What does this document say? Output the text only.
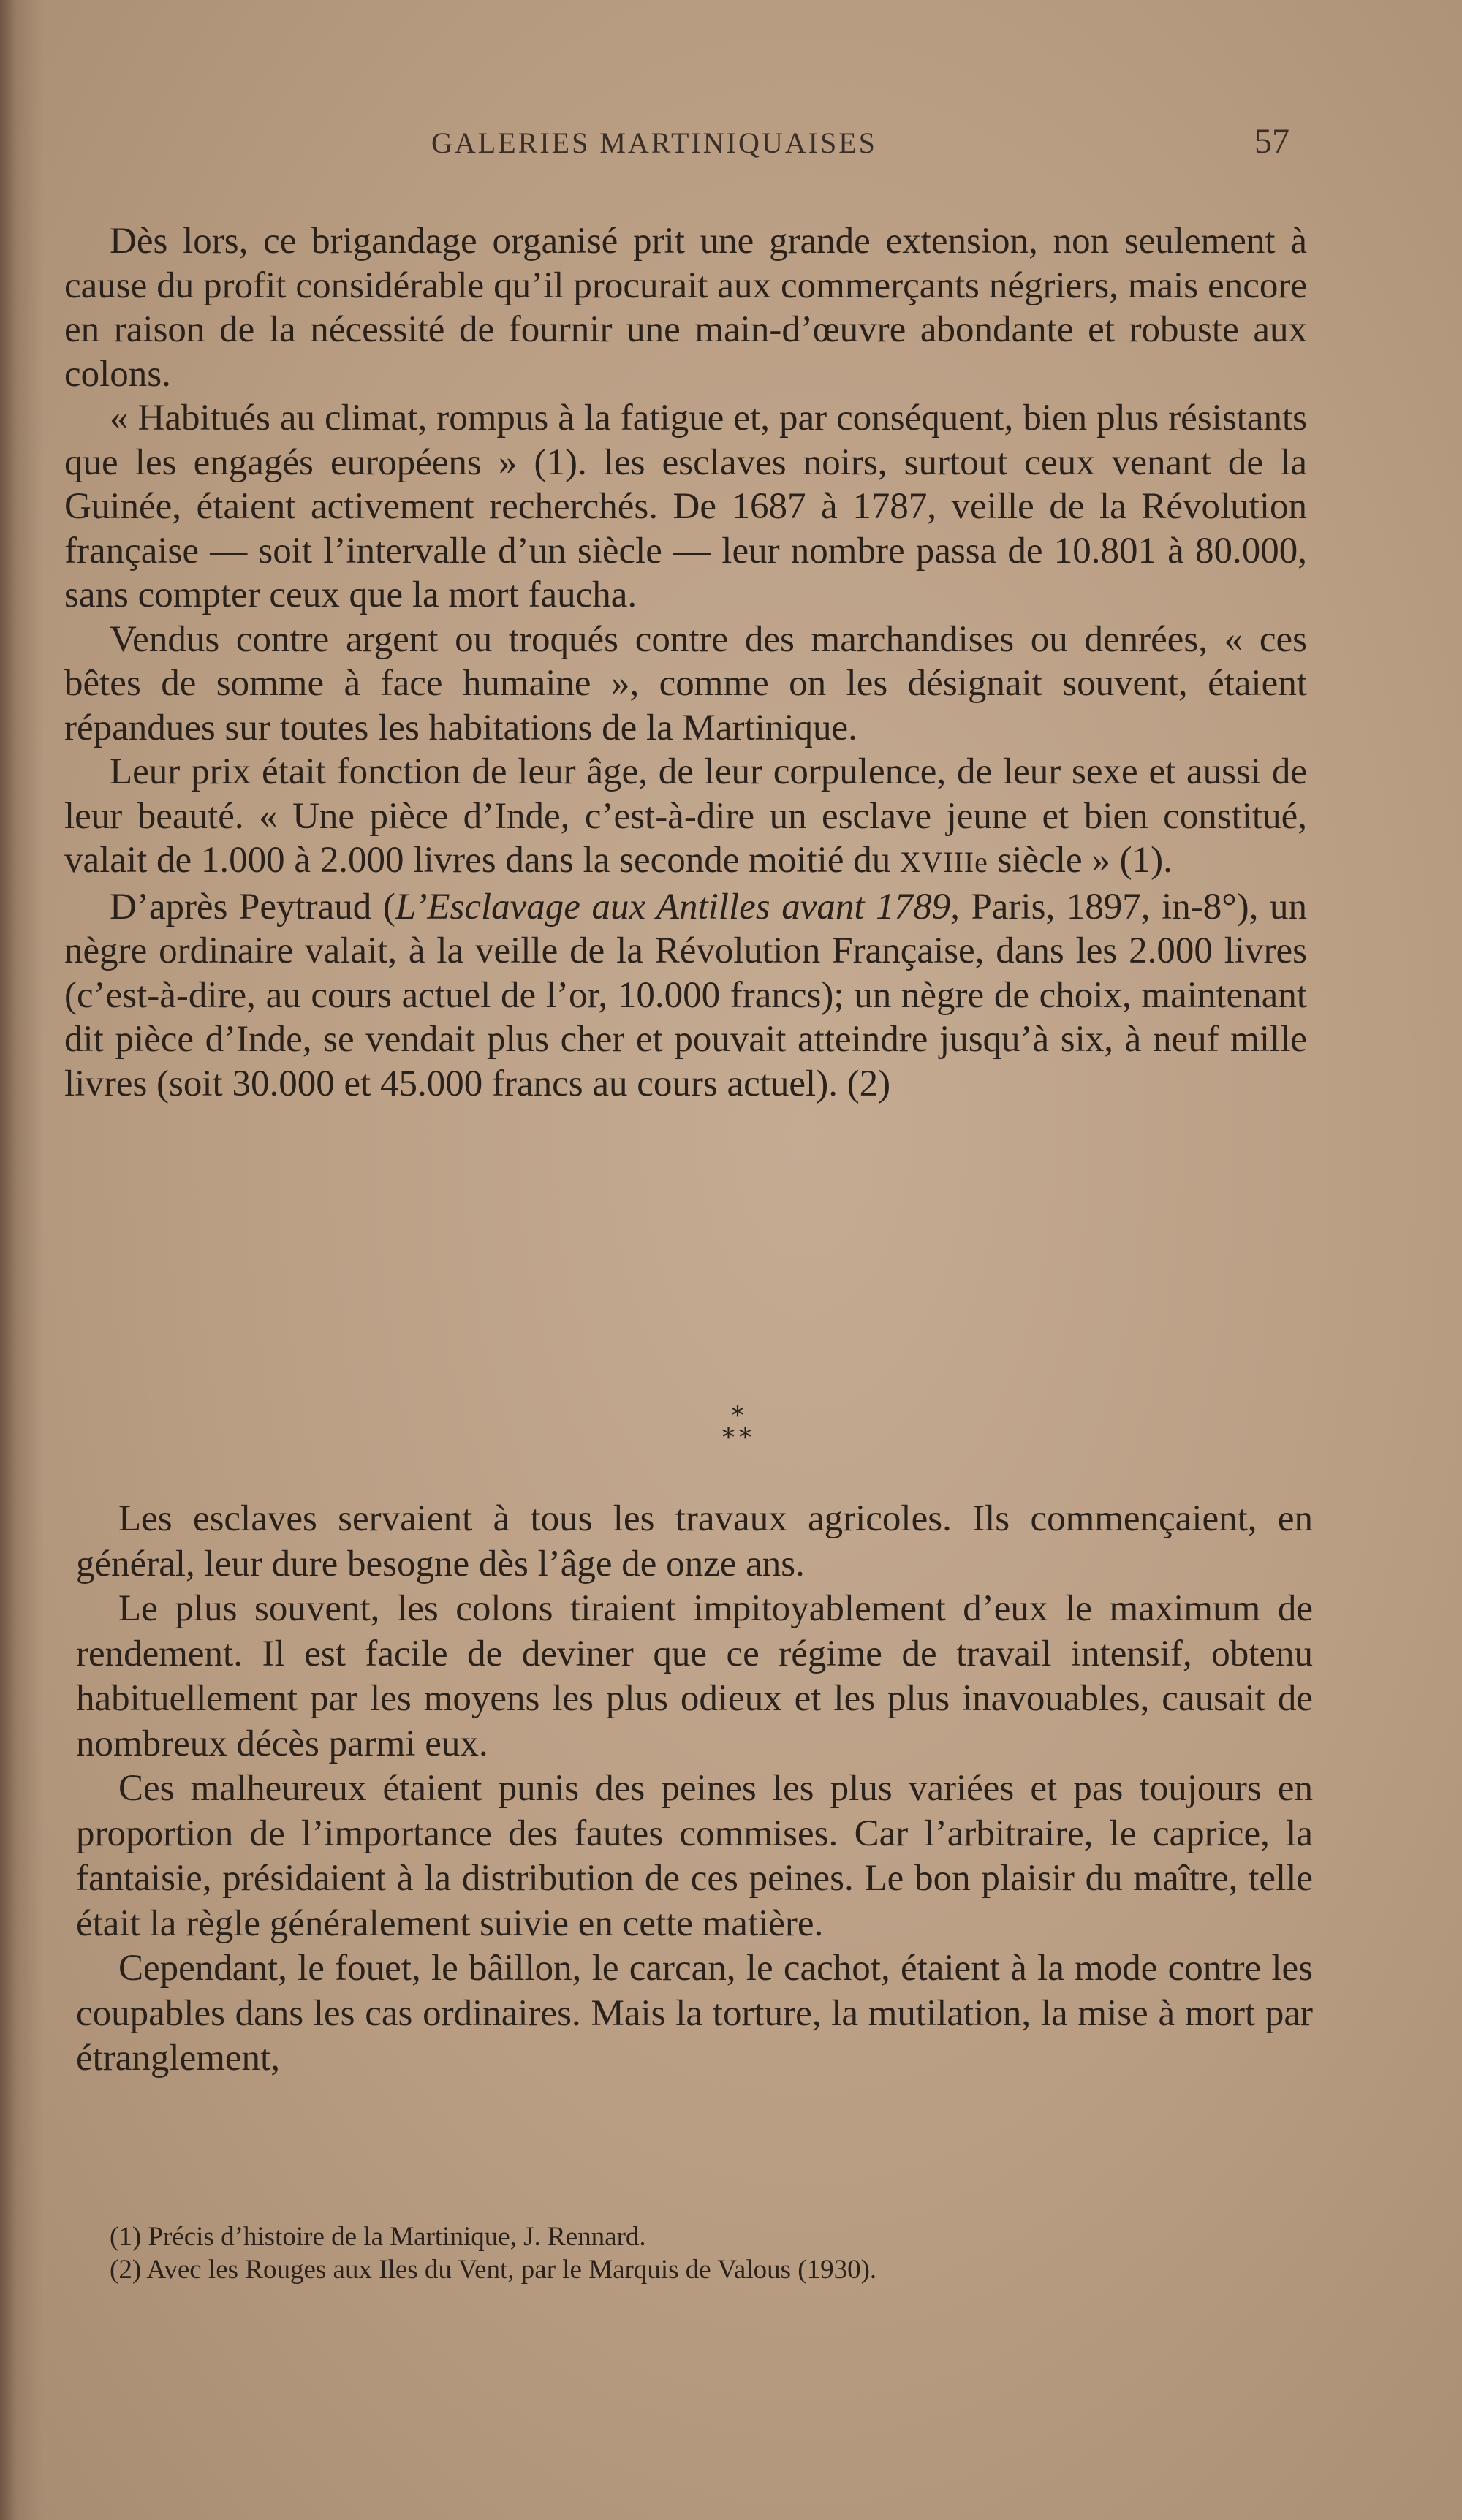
GALERIES MARTINIQUAISES	57

Dès lors, ce brigandage organisé prit une grande extension, non seulement à cause du profit considérable qu’il procurait aux commerçants négriers, mais encore en raison de la nécessité de fournir une main-d’œuvre abondante et robuste aux colons.

« Habitués au climat, rompus à la fatigue et, par conséquent, bien plus résistants que les engagés européens » (1). les esclaves noirs, surtout ceux venant de la Guinée, étaient activement recherchés. De 1687 à 1787, veille de la Révolution française — soit l’intervalle d’un siècle — leur nombre passa de 10.801 à 80.000, sans compter ceux que la mort faucha.

Vendus contre argent ou troqués contre des marchandises ou denrées, « ces bêtes de somme à face humaine », comme on les désignait souvent, étaient répandues sur toutes les habitations de la Martinique.

Leur prix était fonction de leur âge, de leur corpulence, de leur sexe et aussi de leur beauté. « Une pièce d’Inde, c’est-à-dire un esclave jeune et bien constitué, valait de 1.000 à 2.000 livres dans la seconde moitié du XVIIIe siècle » (1).

D’après Peytraud (L’Esclavage aux Antilles avant 1789, Paris, 1897, in-8°), un nègre ordinaire valait, à la veille de la Révolution Française, dans les 2.000 livres (c’est-à-dire, au cours actuel de l’or, 10.000 francs); un nègre de choix, maintenant dit pièce d’Inde, se vendait plus cher et pouvait atteindre jusqu’à six, à neuf mille livres (soit 30.000 et 45.000 francs au cours actuel). (2)

*
**

Les esclaves servaient à tous les travaux agricoles. Ils commençaient, en général, leur dure besogne dès l’âge de onze ans.

Le plus souvent, les colons tiraient impitoyablement d’eux le maximum de rendement. Il est facile de deviner que ce régime de travail intensif, obtenu habituellement par les moyens les plus odieux et les plus inavouables, causait de nombreux décès parmi eux.

Ces malheureux étaient punis des peines les plus variées et pas toujours en proportion de l’importance des fautes commises. Car l’arbitraire, le caprice, la fantaisie, présidaient à la distribution de ces peines. Le bon plaisir du maître, telle était la règle généralement suivie en cette matière.

Cependant, le fouet, le bâillon, le carcan, le cachot, étaient à la mode contre les coupables dans les cas ordinaires. Mais la torture, la mutilation, la mise à mort par étranglement,

(1) Précis d’histoire de la Martinique, J. Rennard.
(2) Avec les Rouges aux Iles du Vent, par le Marquis de Valous (1930).
